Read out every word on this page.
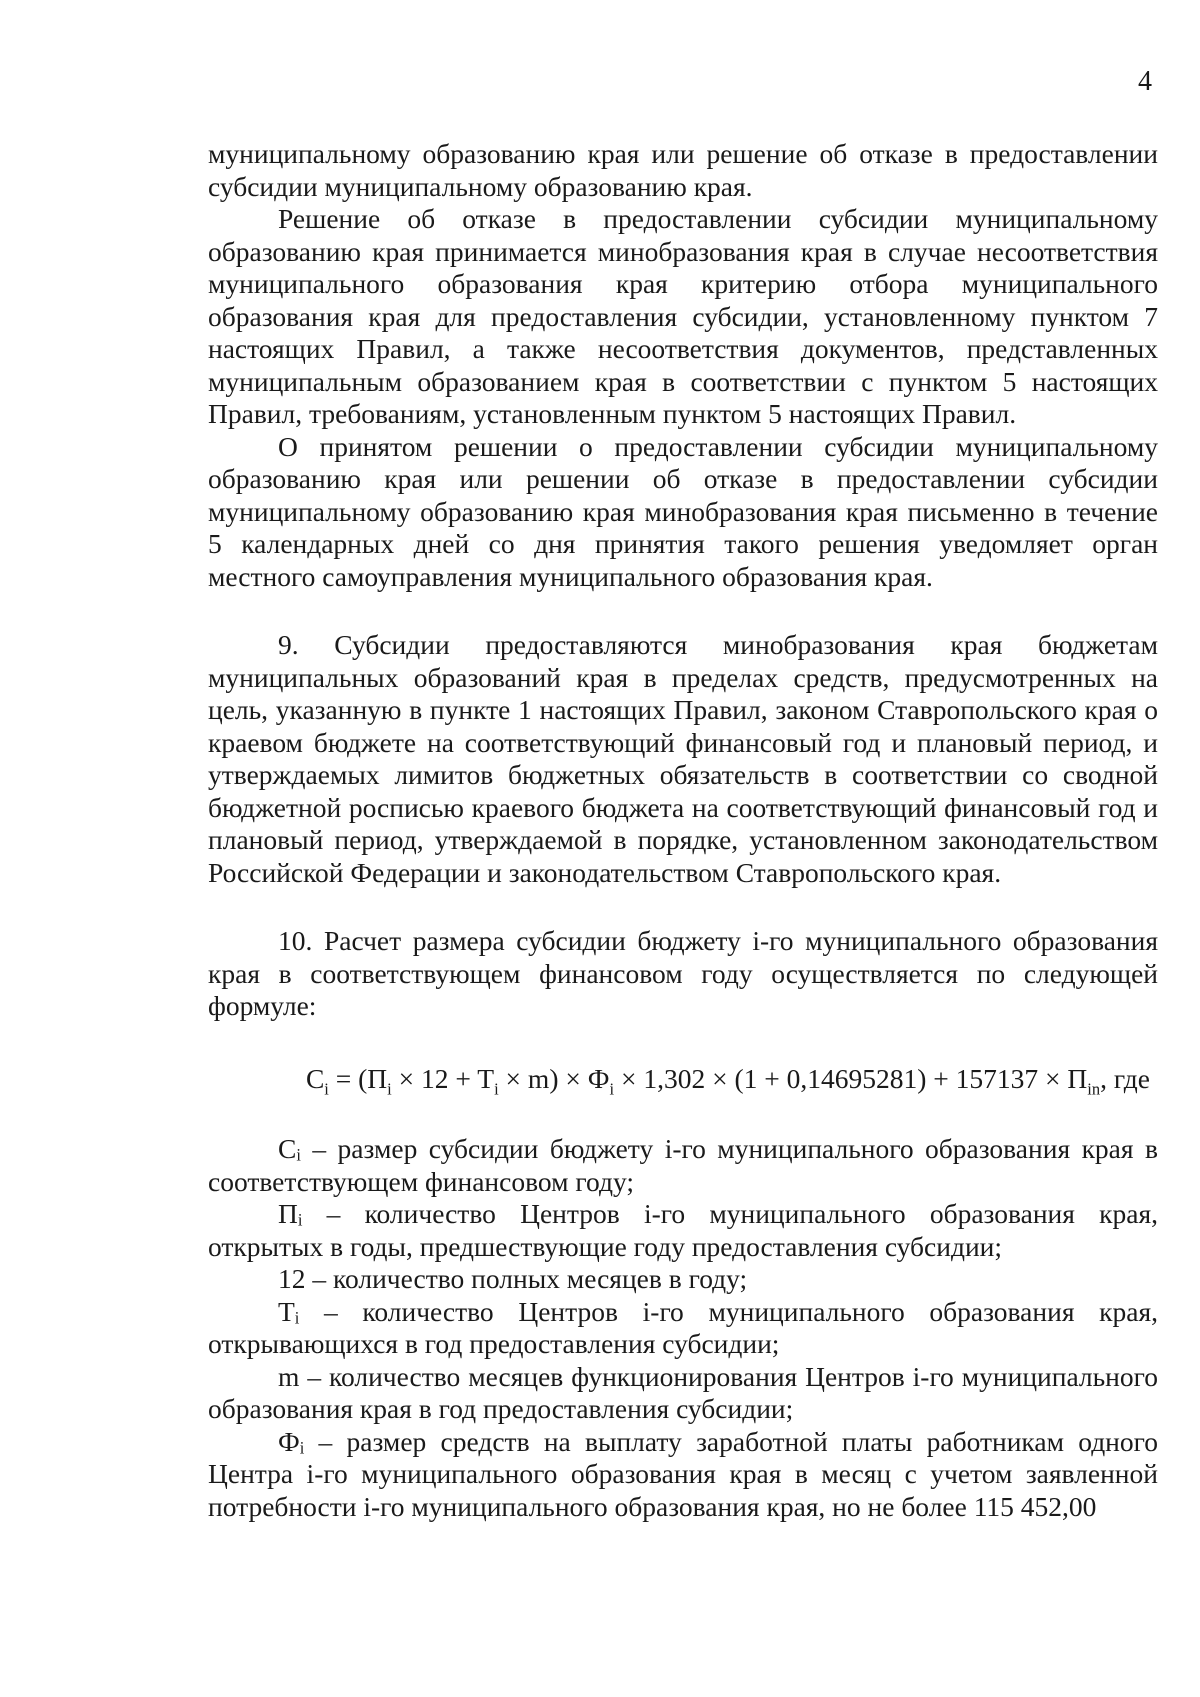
4

муниципальному образованию края или решение об отказе в предоставлении субсидии муниципальному образованию края.

Решение об отказе в предоставлении субсидии муниципальному образованию края принимается минобразования края в случае несоответствия муниципального образования края критерию отбора муниципального образования края для предоставления субсидии, установленному пунктом 7 настоящих Правил, а также несоответствия документов, представленных муниципальным образованием края в соответствии с пунктом 5 настоящих Правил, требованиям, установленным пунктом 5 настоящих Правил.

О принятом решении о предоставлении субсидии муниципальному образованию края или решении об отказе в предоставлении субсидии муниципальному образованию края минобразования края письменно в течение 5 календарных дней со дня принятия такого решения уведомляет орган местного самоуправления муниципального образования края.

9. Субсидии предоставляются минобразования края бюджетам муниципальных образований края в пределах средств, предусмотренных на цель, указанную в пункте 1 настоящих Правил, законом Ставропольского края о краевом бюджете на соответствующий финансовый год и плановый период, и утверждаемых лимитов бюджетных обязательств в соответствии со сводной бюджетной росписью краевого бюджета на соответствующий финансовый год и плановый период, утверждаемой в порядке, установленном законодательством Российской Федерации и законодательством Ставропольского края.

10. Расчет размера субсидии бюджету i-го муниципального образования края в соответствующем финансовом году осуществляется по следующей формуле:

$C_i = (П_i \times 12 + T_i \times m) \times Ф_i \times 1,302 \times (1 + 0,14695281) + 157137 \times П_{in}$, где

Cᵢ – размер субсидии бюджету i-го муниципального образования края в соответствующем финансовом году;

Пᵢ – количество Центров i-го муниципального образования края, открытых в годы, предшествующие году предоставления субсидии;

12 – количество полных месяцев в году;

Tᵢ – количество Центров i-го муниципального образования края, открывающихся в год предоставления субсидии;

m – количество месяцев функционирования Центров i-го муниципального образования края в год предоставления субсидии;

Фᵢ – размер средств на выплату заработной платы работникам одного Центра i-го муниципального образования края в месяц с учетом заявленной потребности i-го муниципального образования края, но не более 115 452,00
